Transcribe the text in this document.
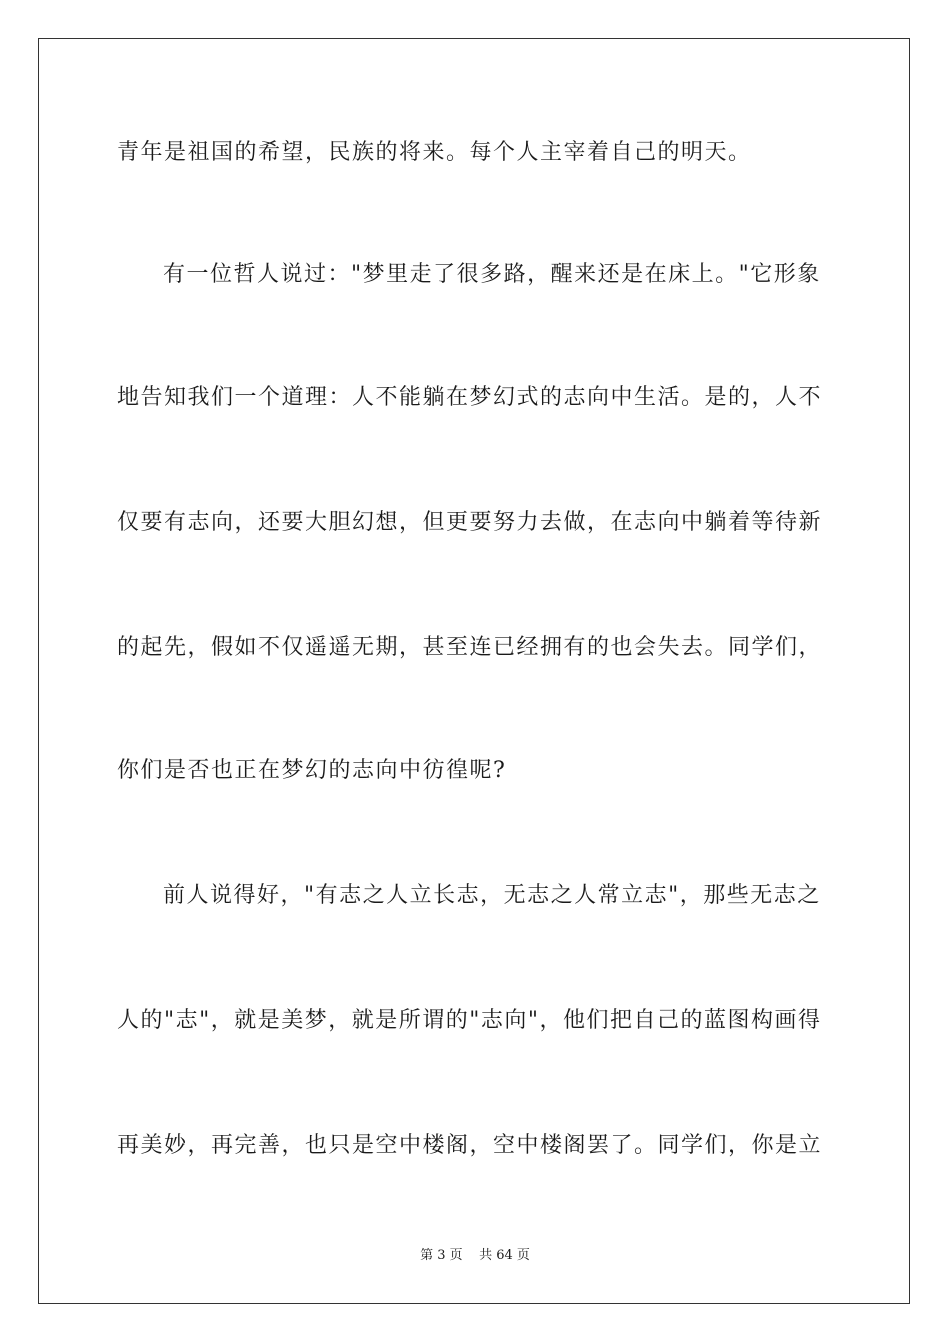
青年是祖国的希望，民族的将来。每个人主宰着自己的明天。
有一位哲人说过："梦里走了很多路，醒来还是在床上。"它形象
地告知我们一个道理：人不能躺在梦幻式的志向中生活。是的，人不
仅要有志向，还要大胆幻想，但更要努力去做，在志向中躺着等待新
的起先，假如不仅遥遥无期，甚至连已经拥有的也会失去。同学们，
你们是否也正在梦幻的志向中彷徨呢?
前人说得好，"有志之人立长志，无志之人常立志"，那些无志之
人的"志"，就是美梦，就是所谓的"志向"，他们把自己的蓝图构画得
再美妙，再完善，也只是空中楼阁，空中楼阁罢了。同学们，你是立
第 3 页    共 64 页
